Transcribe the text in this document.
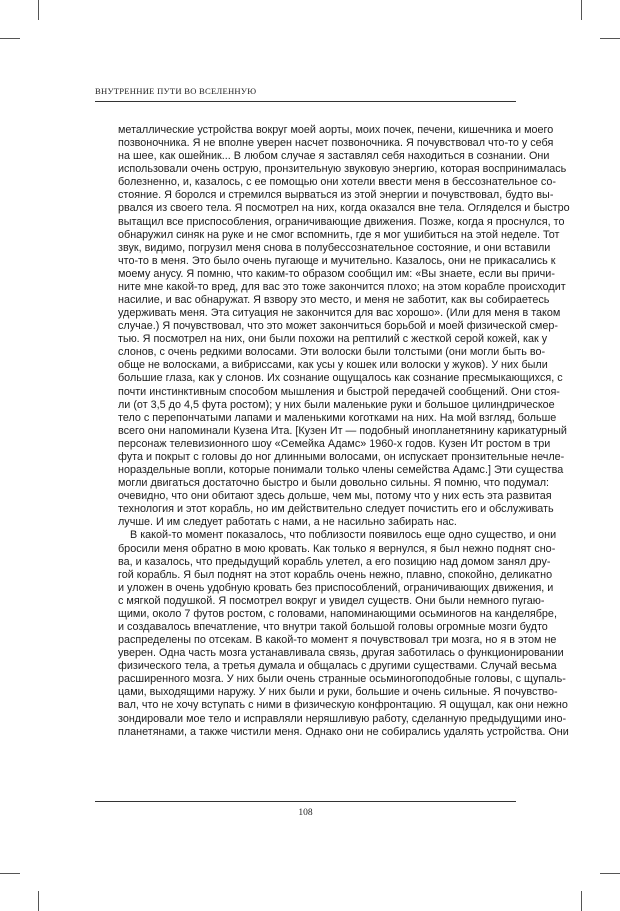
ВНУТРЕННИЕ ПУТИ ВО ВСЕЛЕННУЮ
металлические устройства вокруг моей аорты, моих почек, печени, кишечника и моего
позвоночника. Я не вполне уверен насчет позвоночника. Я почувствовал что-то у себя
на шее, как ошейник... В любом случае я заставлял себя находиться в сознании. Они
использовали очень острую, пронзительную звуковую энергию, которая воспринималась
болезненно, и, казалось, с ее помощью они хотели ввести меня в бессознательное со-
стояние. Я боролся и стремился вырваться из этой энергии и почувствовал, будто вы-
рвался из своего тела. Я посмотрел на них, когда оказался вне тела. Огляделся и быстро
вытащил все приспособления, ограничивающие движения. Позже, когда я проснулся, то
обнаружил синяк на руке и не смог вспомнить, где я мог ушибиться на этой неделе. Тот
звук, видимо, погрузил меня снова в полубессознательное состояние, и они вставили
что-то в меня. Это было очень пугающе и мучительно. Казалось, они не прикасались к
моему анусу. Я помню, что каким-то образом сообщил им: «Вы знаете, если вы причи-
ните мне какой-то вред, для вас это тоже закончится плохо; на этом корабле происходит
насилие, и вас обнаружат. Я взвору это место, и меня не заботит, как вы собираетесь
удерживать меня. Эта ситуация не закончится для вас хорошо». (Или для меня в таком
случае.) Я почувствовал, что это может закончиться борьбой и моей физической смер-
тью. Я посмотрел на них, они были похожи на рептилий с жесткой серой кожей, как у
слонов, с очень редкими волосами. Эти волоски были толстыми (они могли быть во-
обще не волосками, а вибриссами, как усы у кошек или волоски у жуков). У них были
большие глаза, как у слонов. Их сознание ощущалось как сознание пресмыкающихся, с
почти инстинктивным способом мышления и быстрой передачей сообщений. Они стоя-
ли (от 3,5 до 4,5 фута ростом); у них были маленькие руки и большое цилиндрическое
тело с перепончатыми лапами и маленькими коготками на них. На мой взгляд, больше
всего они напоминали Кузена Ита. [Кузен Ит — подобный инопланетянину карикатурный
персонаж телевизионного шоу «Семейка Адамс» 1960-х годов. Кузен Ит ростом в три
фута и покрыт с головы до ног длинными волосами, он испускает пронзительные нечле-
нораздельные вопли, которые понимали только члены семейства Адамс.] Эти существа
могли двигаться достаточно быстро и были довольно сильны. Я помню, что подумал:
очевидно, что они обитают здесь дольше, чем мы, потому что у них есть эта развитая
технология и этот корабль, но им действительно следует почистить его и обслуживать
лучше. И им следует работать с нами, а не насильно забирать нас.
В какой-то момент показалось, что поблизости появилось еще одно существо, и они
бросили меня обратно в мою кровать. Как только я вернулся, я был нежно поднят сно-
ва, и казалось, что предыдущий корабль улетел, а его позицию над домом занял дру-
гой корабль. Я был поднят на этот корабль очень нежно, плавно, спокойно, деликатно
и уложен в очень удобную кровать без приспособлений, ограничивающих движения, и
с мягкой подушкой. Я посмотрел вокруг и увидел существ. Они были немного пугаю-
щими, около 7 футов ростом, с головами, напоминающими осьминогов на канделябре,
и создавалось впечатление, что внутри такой большой головы огромные мозги будто
распределены по отсекам. В какой-то момент я почувствовал три мозга, но я в этом не
уверен. Одна часть мозга устанавливала связь, другая заботилась о функционировании
физического тела, а третья думала и общалась с другими существами. Случай весьма
расширенного мозга. У них были очень странные осьминогоподобные головы, с щупаль-
цами, выходящими наружу. У них были и руки, большие и очень сильные. Я почувство-
вал, что не хочу вступать с ними в физическую конфронтацию. Я ощущал, как они нежно
зондировали мое тело и исправляли неряшливую работу, сделанную предыдущими ино-
планетянами, а также чистили меня. Однако они не собирались удалять устройства. Они
108
